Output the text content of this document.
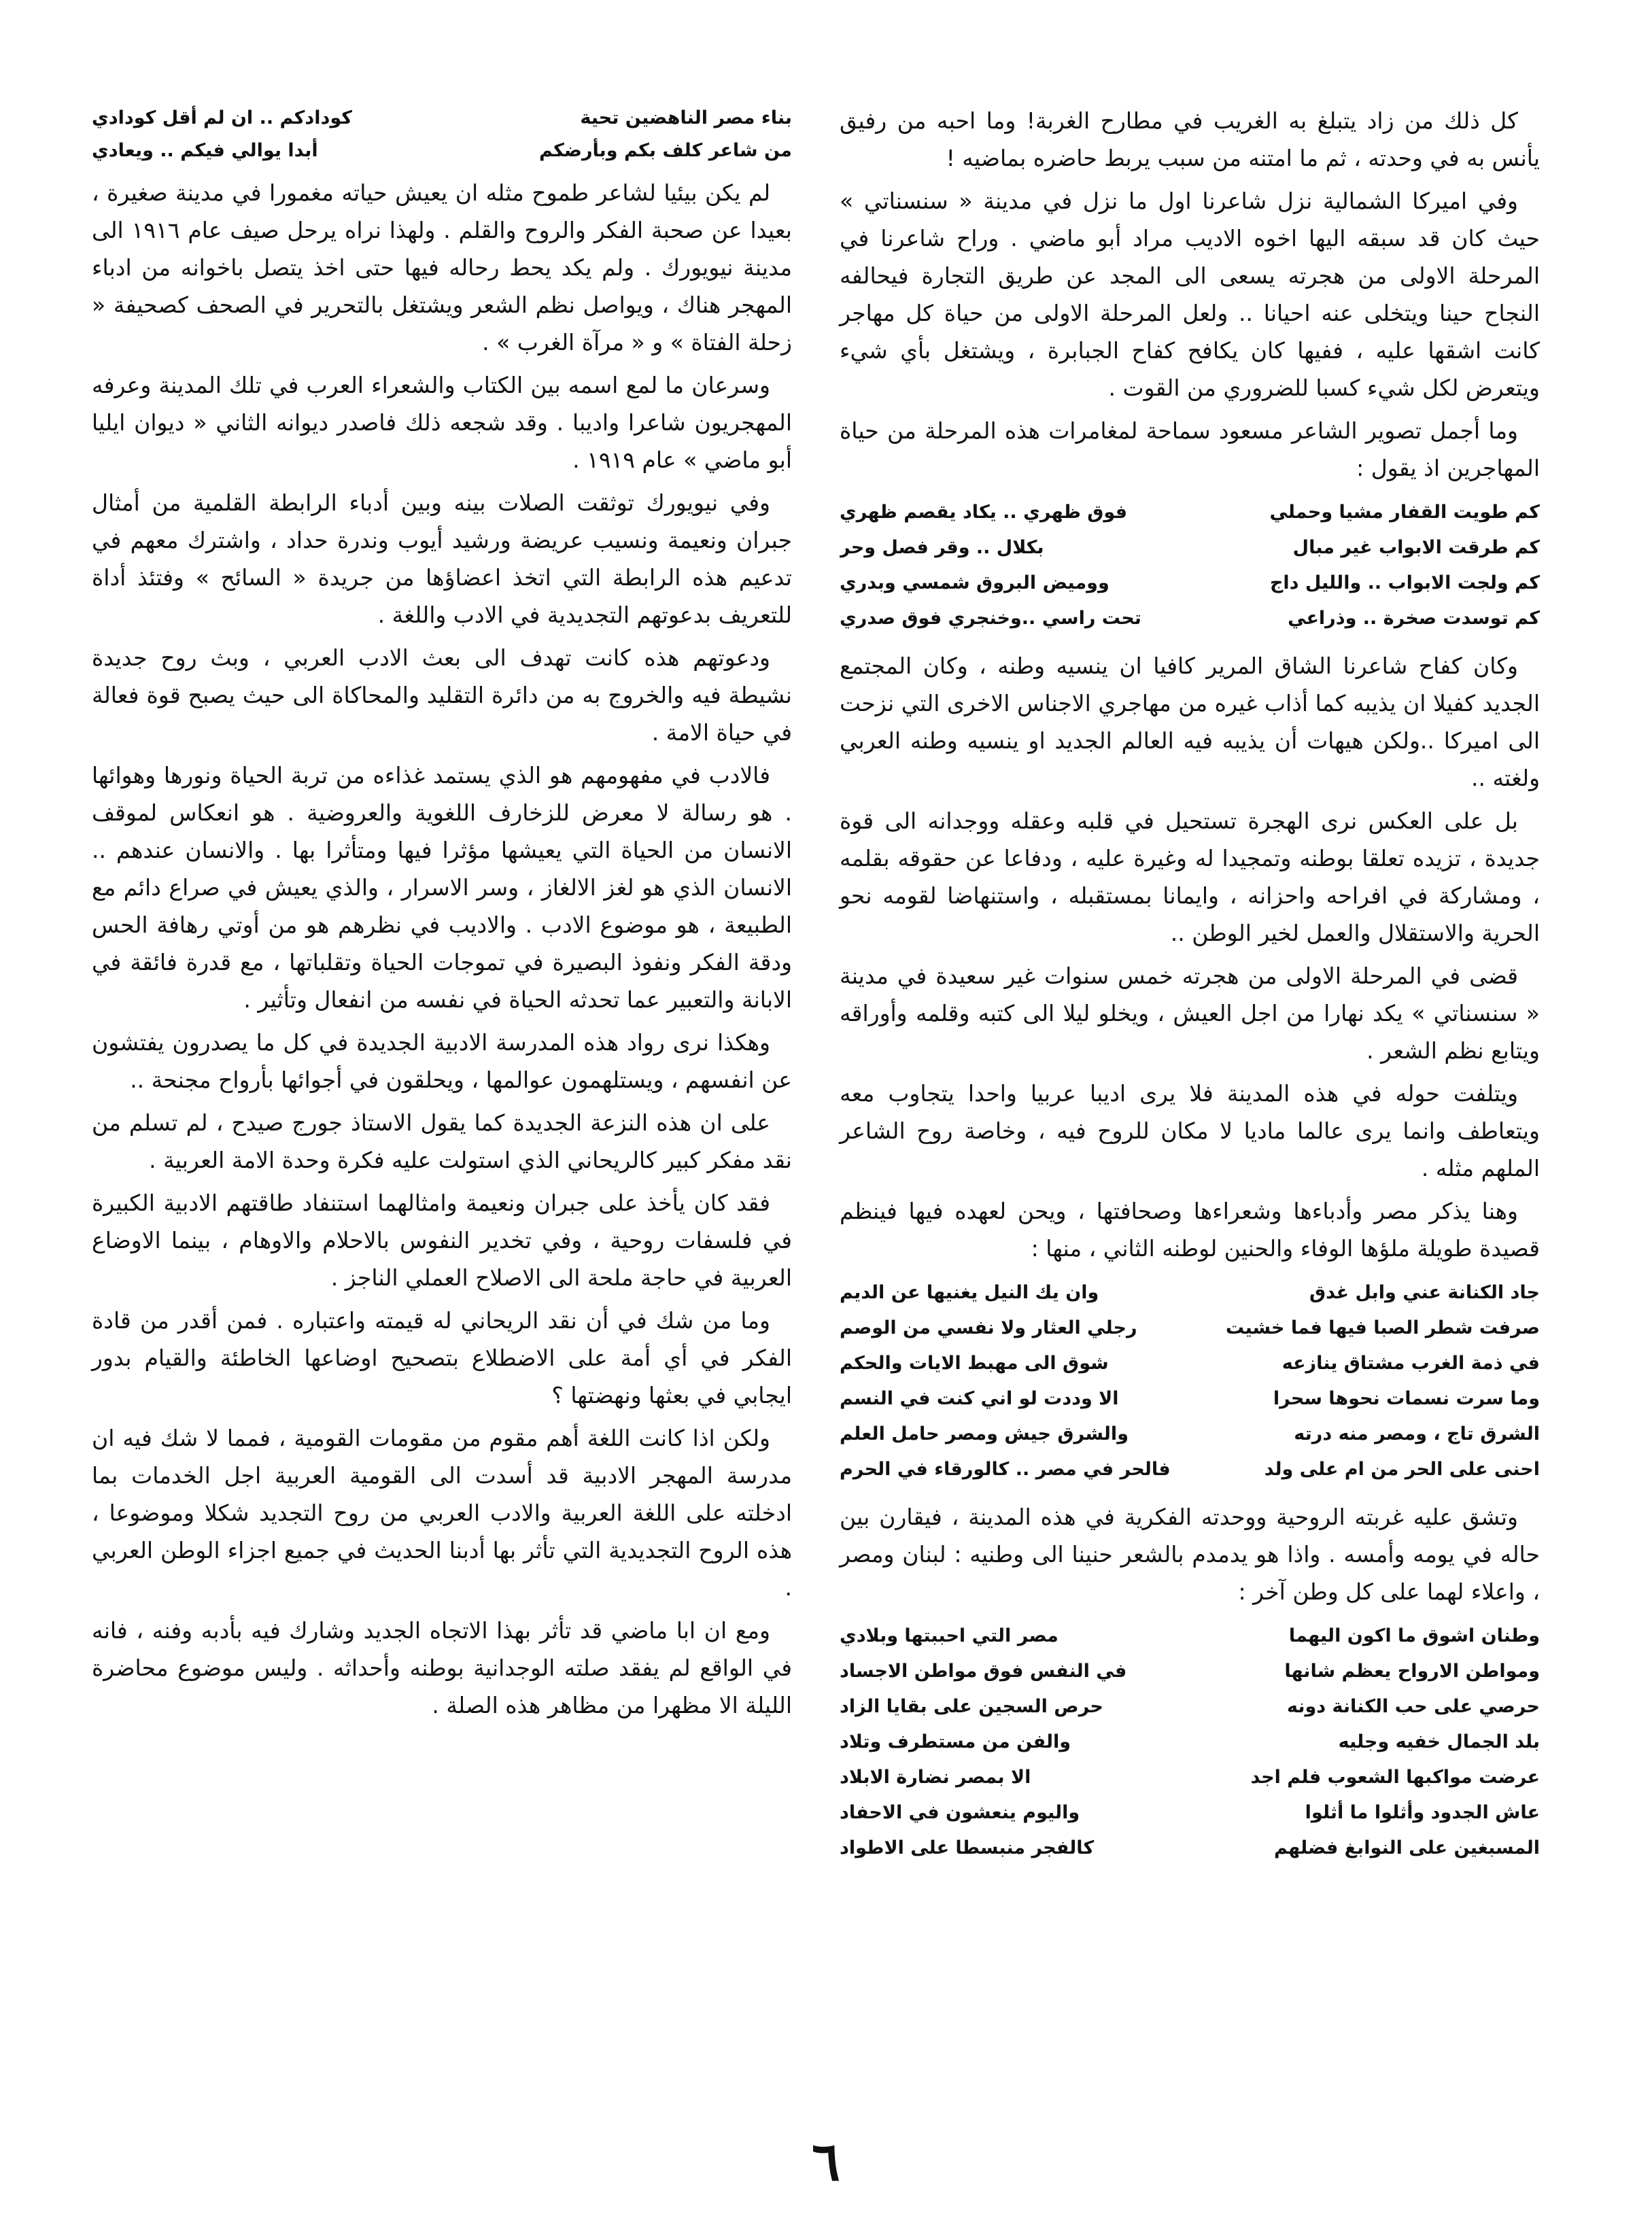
كل ذلك من زاد يتبلغ به الغريب في مطارح الغربة! وما احبه من رفيق يأنس به في وحدته ، ثم ما امتنه من سبب يربط حاضره بماضيه !

وفي اميركا الشمالية نزل شاعرنا اول ما نزل في مدينة « سنسناتي » حيث كان قد سبقه اليها اخوه الاديب مراد أبو ماضي . وراح شاعرنا في المرحلة الاولى من هجرته يسعى الى المجد عن طريق التجارة فيحالفه النجاح حينا ويتخلى عنه احيانا .. ولعل المرحلة الاولى من حياة كل مهاجر كانت اشقها عليه ، ففيها كان يكافح كفاح الجبابرة ، ويشتغل بأي شيء ويتعرض لكل شيء كسبا للضروري من القوت .

وما أجمل تصوير الشاعر مسعود سماحة لمغامرات هذه المرحلة من حياة المهاجرين اذ يقول :

كم طويت القفار مشيا وحملي
فوق ظهري .. يكاد يقصم ظهري
كم طرقت الابواب غير مبال
بكلال .. وقر فصل وحر
كم ولجت الابواب .. والليل داج
ووميض البروق شمسي وبدري
كم توسدت صخرة .. وذراعي
تحت راسي ..وخنجري فوق صدري

وكان كفاح شاعرنا الشاق المرير كافيا ان ينسيه وطنه ، وكان المجتمع الجديد كفيلا ان يذيبه كما أذاب غيره من مهاجري الاجناس الاخرى التي نزحت الى اميركا ..ولكن هيهات أن يذيبه فيه العالم الجديد او ينسيه وطنه العربي ولغته ..

بل على العكس نرى الهجرة تستحيل في قلبه وعقله ووجدانه الى قوة جديدة ، تزيده تعلقا بوطنه وتمجيدا له وغيرة عليه ، ودفاعا عن حقوقه بقلمه ، ومشاركة في افراحه واحزانه ، وايمانا بمستقبله ، واستنهاضا لقومه نحو الحرية والاستقلال والعمل لخير الوطن ..

قضى في المرحلة الاولى من هجرته خمس سنوات غير سعيدة في مدينة « سنسناتي » يكد نهارا من اجل العيش ، ويخلو ليلا الى كتبه وقلمه وأوراقه ويتابع نظم الشعر .

ويتلفت حوله في هذه المدينة فلا يرى اديبا عربيا واحدا يتجاوب معه ويتعاطف وانما يرى عالما ماديا لا مكان للروح فيه ، وخاصة روح الشاعر الملهم مثله .

وهنا يذكر مصر وأدباءها وشعراءها وصحافتها ، ويحن لعهده فيها فينظم قصيدة طويلة ملؤها الوفاء والحنين لوطنه الثاني ، منها :

جاد الكنانة عني وابل غدق
وان يك النيل يغنيها عن الديم
صرفت شطر الصبا فيها فما خشيت
رجلي العثار ولا نفسي من الوصم
في ذمة الغرب مشتاق ينازعه
شوق الى مهبط الايات والحكم
وما سرت نسمات نحوها سحرا
الا وددت لو اني كنت في النسم
الشرق تاج ، ومصر منه درته
والشرق جيش ومصر حامل العلم
احنى على الحر من ام على ولد
فالحر في مصر .. كالورقاء في الحرم

وتشق عليه غربته الروحية ووحدته الفكرية في هذه المدينة ، فيقارن بين حاله في يومه وأمسه . واذا هو يدمدم بالشعر حنينا الى وطنيه : لبنان ومصر ، واعلاء لهما على كل وطن آخر :

وطنان اشوق ما اكون اليهما
مصر التي احببتها وبلادي
ومواطن الارواح يعظم شانها
في النفس فوق مواطن الاجساد
حرصي على حب الكنانة دونه
حرص السجين على بقايا الزاد
بلد الجمال خفيه وجليه
والفن من مستطرف وتلاد
عرضت مواكبها الشعوب فلم اجد
الا بمصر نضارة الابلاد
عاش الجدود وأثلوا ما أثلوا
واليوم ينعشون في الاحفاد
المسبغين على النوابغ فضلهم
كالفجر منبسطا على الاطواد
بناء مصر الناهضين تحية
كودادكم .. ان لم أقل كودادي
من شاعر كلف بكم وبأرضكم
أبدا يوالي فيكم .. ويعادي

لم يكن بيئيا لشاعر طموح مثله ان يعيش حياته مغمورا في مدينة صغيرة ، بعيدا عن صحبة الفكر والروح والقلم . ولهذا نراه يرحل صيف عام ١٩١٦ الى مدينة نيويورك . ولم يكد يحط رحاله فيها حتى اخذ يتصل باخوانه من ادباء المهجر هناك ، ويواصل نظم الشعر ويشتغل بالتحرير في الصحف كصحيفة « زحلة الفتاة » و « مرآة الغرب » .

وسرعان ما لمع اسمه بين الكتاب والشعراء العرب في تلك المدينة وعرفه المهجريون شاعرا واديبا . وقد شجعه ذلك فاصدر ديوانه الثاني « ديوان ايليا أبو ماضي » عام ١٩١٩ .

وفي نيويورك توثقت الصلات بينه وبين أدباء الرابطة القلمية من أمثال جبران ونعيمة ونسيب عريضة ورشيد أيوب وندرة حداد ، واشترك معهم في تدعيم هذه الرابطة التي اتخذ اعضاؤها من جريدة « السائح » وفتئذ أداة للتعريف بدعوتهم التجديدية في الادب واللغة .

ودعوتهم هذه كانت تهدف الى بعث الادب العربي ، وبث روح جديدة نشيطة فيه والخروج به من دائرة التقليد والمحاكاة الى حيث يصبح قوة فعالة في حياة الامة .

فالادب في مفهومهم هو الذي يستمد غذاءه من تربة الحياة ونورها وهوائها . هو رسالة لا معرض للزخارف اللغوية والعروضية . هو انعكاس لموقف الانسان من الحياة التي يعيشها مؤثرا فيها ومتأثرا بها . والانسان عندهم .. الانسان الذي هو لغز الالغاز ، وسر الاسرار ، والذي يعيش في صراع دائم مع الطبيعة ، هو موضوع الادب . والاديب في نظرهم هو من أوتي رهافة الحس ودقة الفكر ونفوذ البصيرة في تموجات الحياة وتقلباتها ، مع قدرة فائقة في الابانة والتعبير عما تحدثه الحياة في نفسه من انفعال وتأثير .

وهكذا نرى رواد هذه المدرسة الادبية الجديدة في كل ما يصدرون يفتشون عن انفسهم ، ويستلهمون عوالمها ، ويحلقون في أجوائها بأرواح مجنحة ..

على ان هذه النزعة الجديدة كما يقول الاستاذ جورج صيدح ، لم تسلم من نقد مفكر كبير كالريحاني الذي استولت عليه فكرة وحدة الامة العربية .

فقد كان يأخذ على جبران ونعيمة وامثالهما استنفاد طاقتهم الادبية الكبيرة في فلسفات روحية ، وفي تخدير النفوس بالاحلام والاوهام ، بينما الاوضاع العربية في حاجة ملحة الى الاصلاح العملي الناجز .

وما من شك في أن نقد الريحاني له قيمته واعتباره . فمن أقدر من قادة الفكر في أي أمة على الاضطلاع بتصحيح اوضاعها الخاطئة والقيام بدور ايجابي في بعثها ونهضتها ؟

ولكن اذا كانت اللغة أهم مقوم من مقومات القومية ، فمما لا شك فيه ان مدرسة المهجر الادبية قد أسدت الى القومية العربية اجل الخدمات بما ادخلته على اللغة العربية والادب العربي من روح التجديد شكلا وموضوعا ، هذه الروح التجديدية التي تأثر بها أدبنا الحديث في جميع اجزاء الوطن العربي .

ومع ان ابا ماضي قد تأثر بهذا الاتجاه الجديد وشارك فيه بأدبه وفنه ، فانه في الواقع لم يفقد صلته الوجدانية بوطنه وأحداثه . وليس موضوع محاضرة الليلة الا مظهرا من مظاهر هذه الصلة .

٦
